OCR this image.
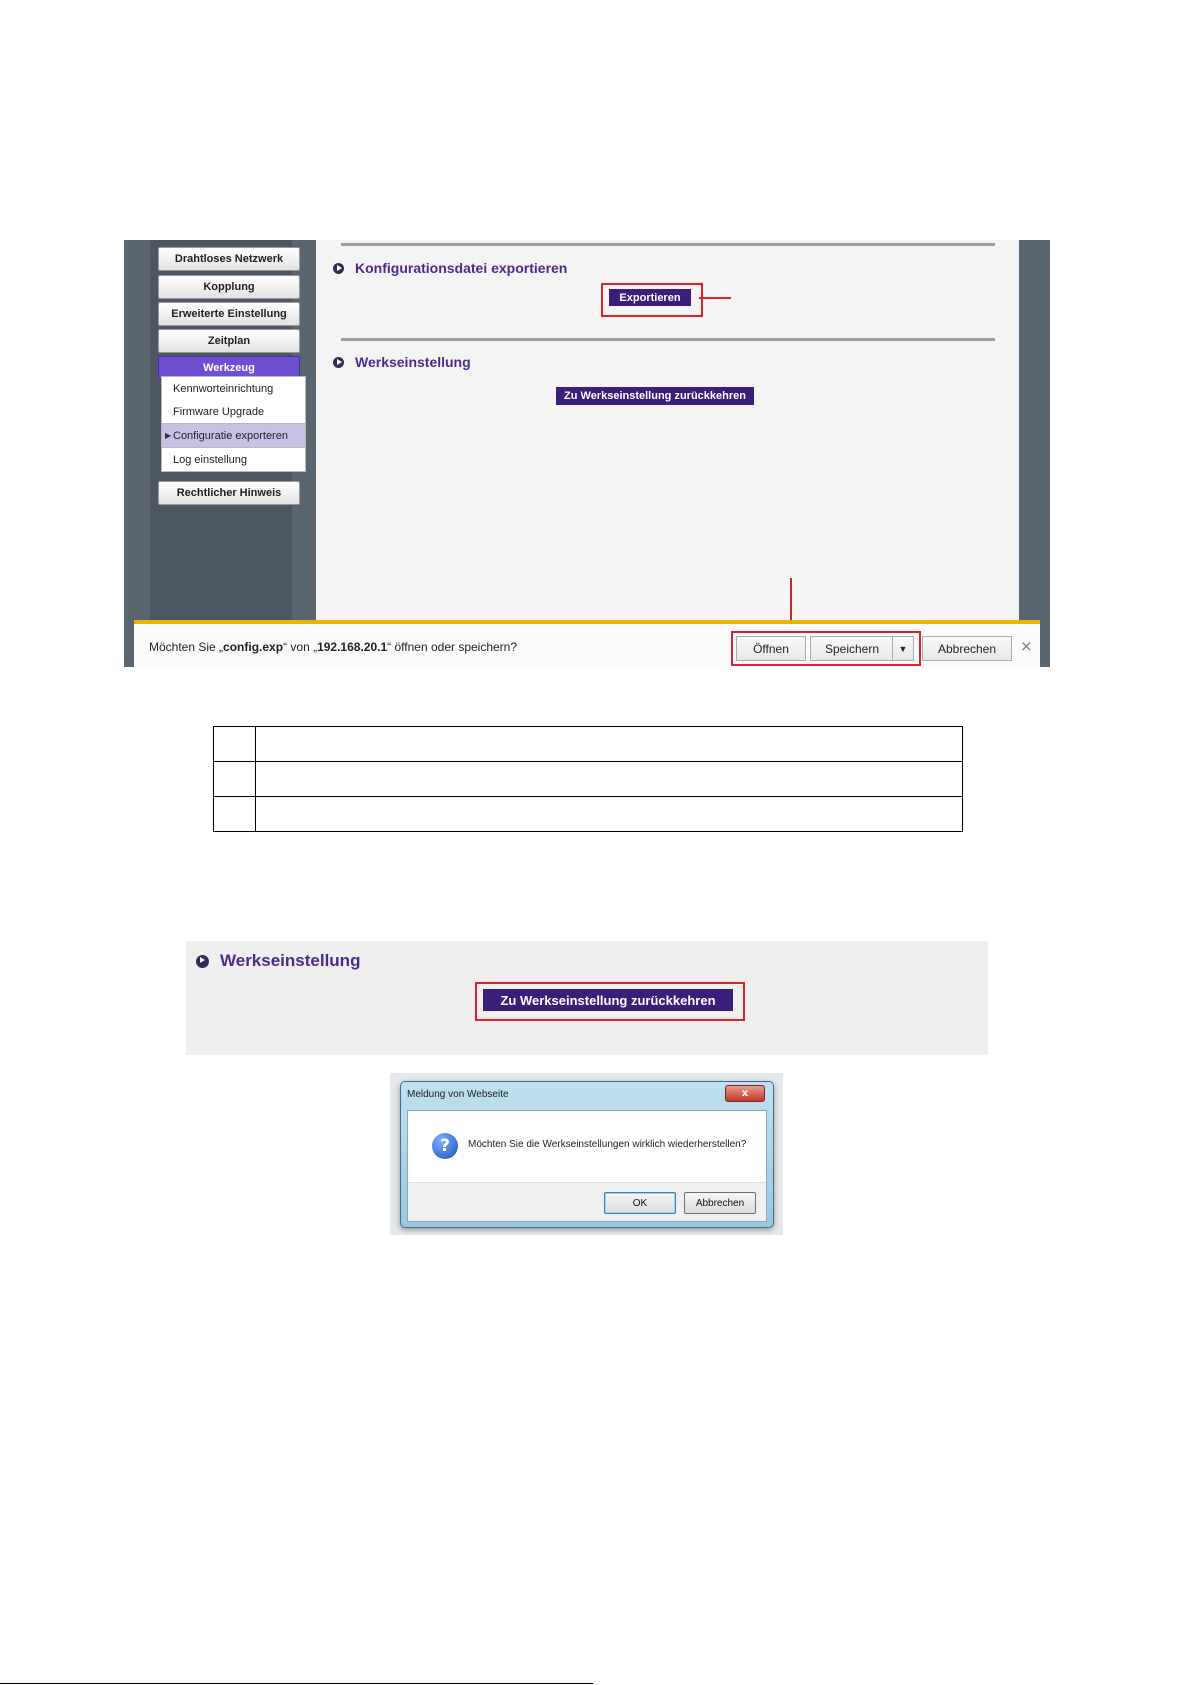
Drahtloses Netzwerk
Kopplung
Erweiterte Einstellung
Zeitplan
Werkzeug
Kennworteinrichtung
Firmware Upgrade
▶ Configuratie exporteren
Log einstellung
Rechtlicher Hinweis
Konfigurationsdatei exportieren
Exportieren
Werkseinstellung
Zu Werkseinstellung zurückkehren
Möchten Sie „config.exp“ von „192.168.20.1“ öffnen oder speichern?	Öffnen	Speichern	▼	Abbrechen	×

Werkseinstellung
Zu Werkseinstellung zurückkehren
Meldung von Webseite	x
?	Möchten Sie die Werkseinstellungen wirklich wiederherstellen?
OK	Abbrechen
